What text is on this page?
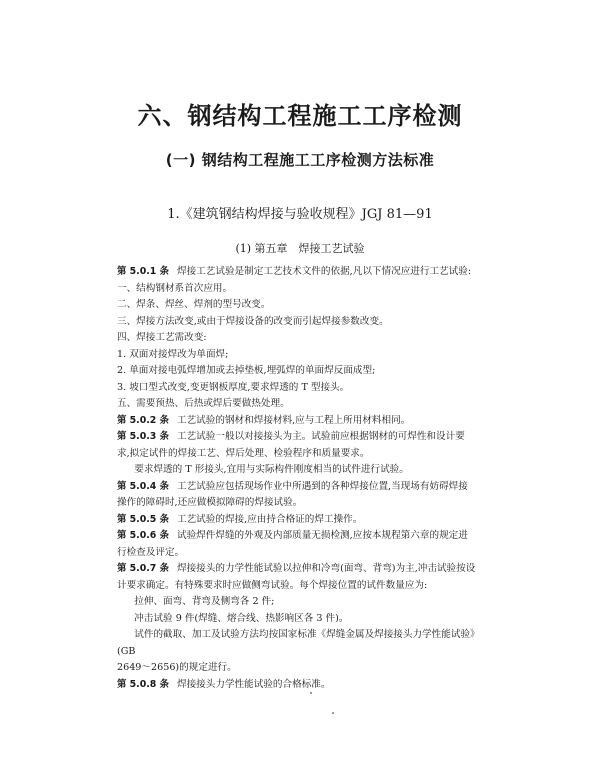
六、钢结构工程施工工序检测
(一) 钢结构工程施工工序检测方法标准
1.《建筑钢结构焊接与验收规程》JGJ 81—91
(1) 第五章　焊接工艺试验

第 5.0.1 条 焊接工艺试验是制定工艺技术文件的依据,凡以下情况应进行工艺试验:

一、结构钢材系首次应用。

二、焊条、焊丝、焊剂的型号改变。

三、焊接方法改变,或由于焊接设备的改变而引起焊接参数改变。

四、焊接工艺需改变:

1. 双面对接焊改为单面焊;

2. 单面对接电弧焊增加或去掉垫板,埋弧焊的单面焊反面成型;

3. 坡口型式改变,变更钢板厚度,要求焊透的 T 型接头。

五、需要预热、后热或焊后要做热处理。

第 5.0.2 条 工艺试验的钢材和焊接材料,应与工程上所用材料相同。

第 5.0.3 条 工艺试验一般以对接接头为主。试验前应根据钢材的可焊性和设计要

求,拟定试件的焊接工艺、焊后处理、检验程序和质量要求。

要求焊透的 T 形接头,宜用与实际构件刚度相当的试件进行试验。

第 5.0.4 条 工艺试验应包括现场作业中所遇到的各种焊接位置,当现场有妨碍焊接

操作的障碍时,还应做模拟障碍的焊接试验。

第 5.0.5 条 工艺试验的焊接,应由持合格证的焊工操作。

第 5.0.6 条 试验焊件焊缝的外观及内部质量无损检测,应按本规程第六章的规定进

行检查及评定。

第 5.0.7 条 焊接接头的力学性能试验以拉伸和冷弯(面弯、背弯)为主,冲击试验按设

计要求确定。有特殊要求时应做侧弯试验。每个焊接位置的试件数量应为:

拉伸、面弯、背弯及侧弯各 2 件;

冲击试验 9 件(焊缝、熔合线、热影响区各 3 件)。

试件的截取、加工及试验方法均按国家标准《焊缝金属及焊接接头力学性能试验》(GB

2649～2656)的规定进行。

第 5.0.8 条 焊接接头力学性能试验的合格标准。
